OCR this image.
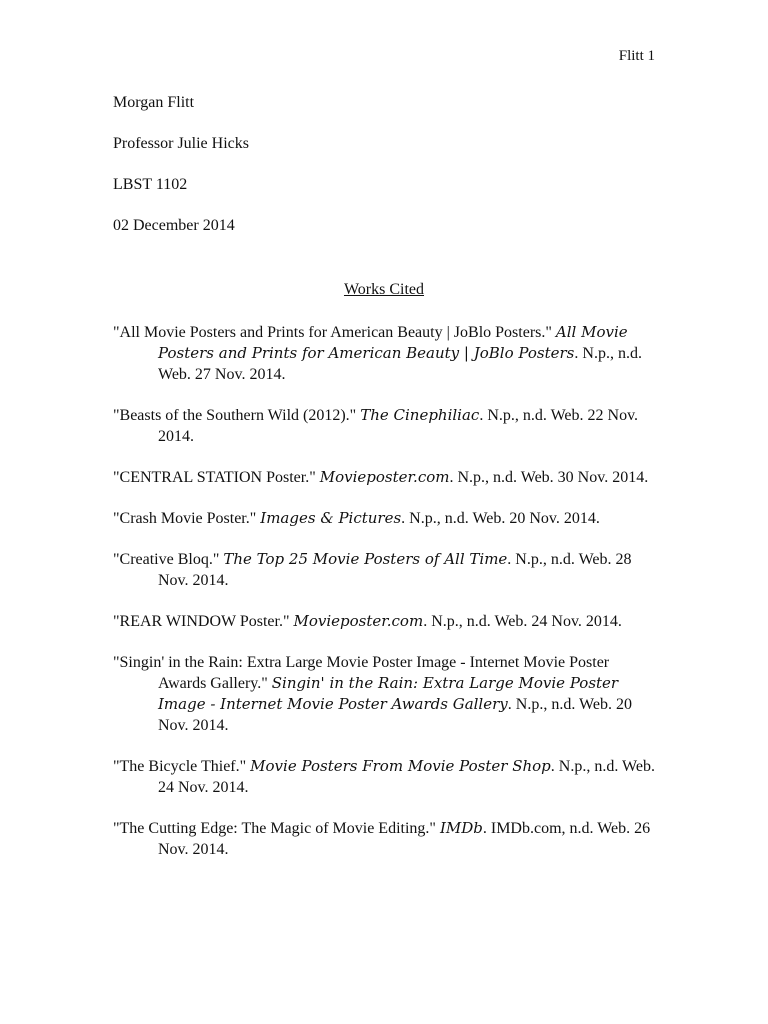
Flitt 1
Morgan Flitt
Professor Julie Hicks
LBST 1102
02 December 2014
Works Cited
"All Movie Posters and Prints for American Beauty | JoBlo Posters." All Movie Posters and Prints for American Beauty | JoBlo Posters. N.p., n.d. Web. 27 Nov. 2014.
"Beasts of the Southern Wild (2012)." The Cinephiliac. N.p., n.d. Web. 22 Nov. 2014.
"CENTRAL STATION Poster." Movieposter.com. N.p., n.d. Web. 30 Nov. 2014.
"Crash Movie Poster." Images & Pictures. N.p., n.d. Web. 20 Nov. 2014.
"Creative Bloq." The Top 25 Movie Posters of All Time. N.p., n.d. Web. 28 Nov. 2014.
"REAR WINDOW Poster." Movieposter.com. N.p., n.d. Web. 24 Nov. 2014.
"Singin' in the Rain: Extra Large Movie Poster Image - Internet Movie Poster Awards Gallery." Singin' in the Rain: Extra Large Movie Poster Image - Internet Movie Poster Awards Gallery. N.p., n.d. Web. 20 Nov. 2014.
"The Bicycle Thief." Movie Posters From Movie Poster Shop. N.p., n.d. Web. 24 Nov. 2014.
"The Cutting Edge: The Magic of Movie Editing." IMDb. IMDb.com, n.d. Web. 26 Nov. 2014.
